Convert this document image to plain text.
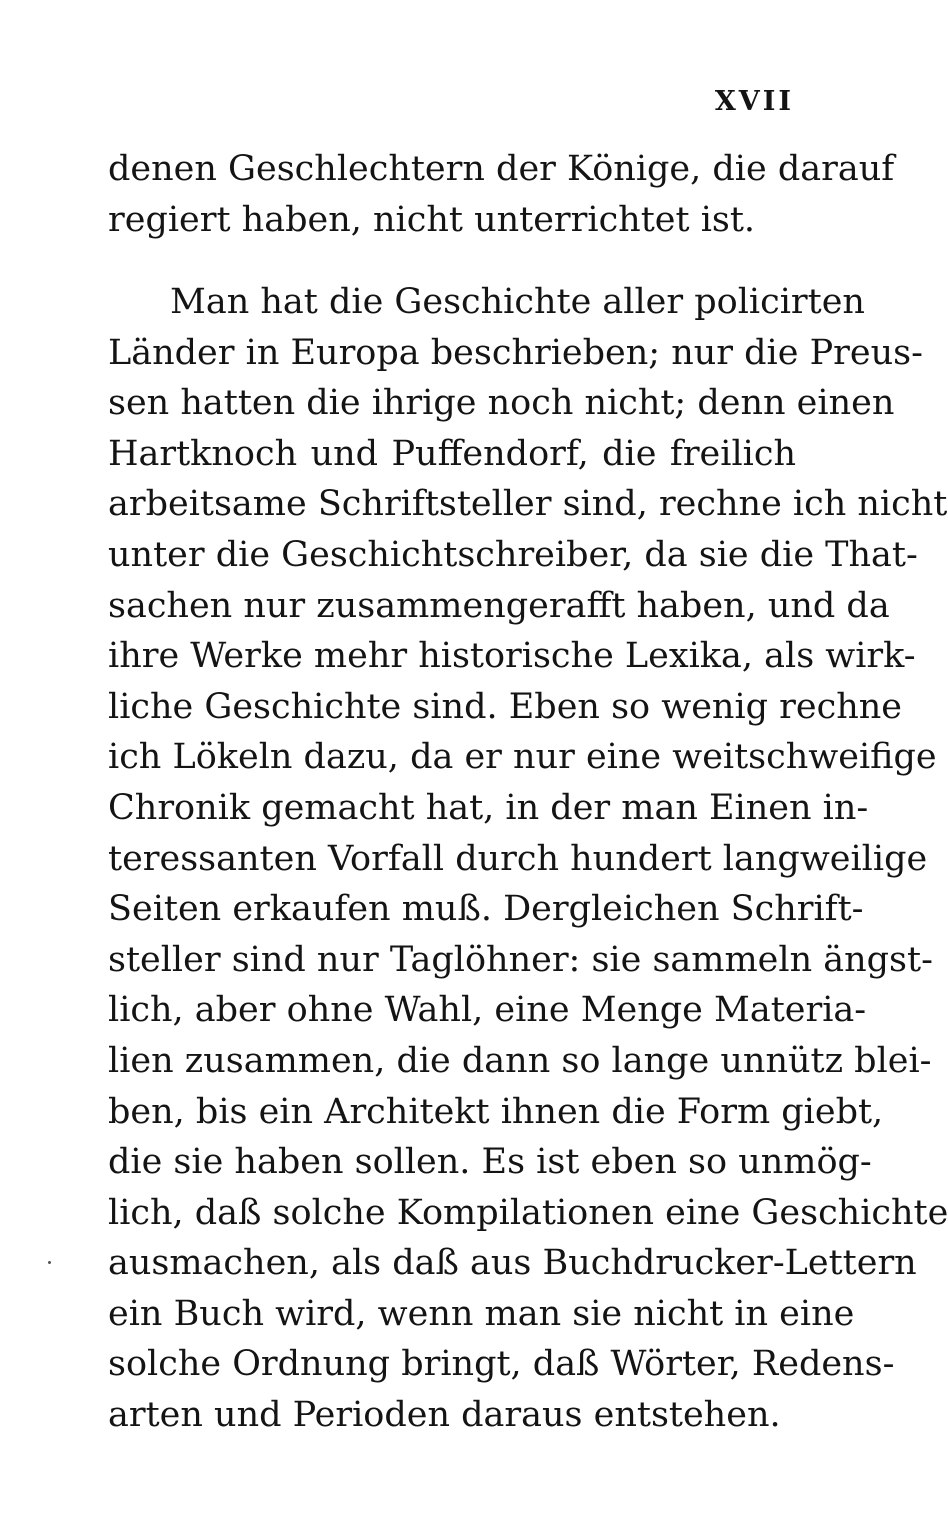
XVII
denen Geschlechtern der Könige, die darauf
regiert haben, nicht unterrichtet ist.
Man hat die Geschichte aller policirten
Länder in Europa beschrieben; nur die Preus-
sen hatten die ihrige noch nicht; denn einen
Hartknoch und Puffendorf, die freilich
arbeitsame Schriftsteller sind, rechne ich nicht
unter die Geschichtschreiber, da sie die That-
sachen nur zusammengerafft haben, und da
ihre Werke mehr historische Lexika, als wirk-
liche Geschichte sind. Eben so wenig rechne
ich Lökeln dazu, da er nur eine weitschweifige
Chronik gemacht hat, in der man Einen in-
teressanten Vorfall durch hundert langweilige
Seiten erkaufen muß. Dergleichen Schrift-
steller sind nur Taglöhner: sie sammeln ängst-
lich, aber ohne Wahl, eine Menge Materia-
lien zusammen, die dann so lange unnütz blei-
ben, bis ein Architekt ihnen die Form giebt,
die sie haben sollen. Es ist eben so unmög-
lich, daß solche Kompilationen eine Geschichte
ausmachen, als daß aus Buchdrucker-Lettern
ein Buch wird, wenn man sie nicht in eine
solche Ordnung bringt, daß Wörter, Redens-
arten und Perioden daraus entstehen.
